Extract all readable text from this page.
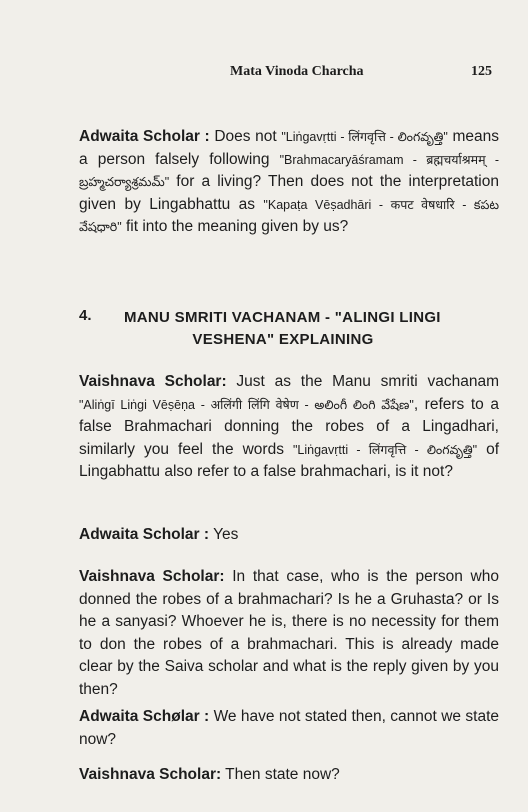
Mata Vinoda Charcha	125
Adwaita Scholar : Does not "Liṅgavṛtti - लिंगवृत्ति - లింగవృత్తి" means a person falsely following "Brahmacaryāśramam - ब्रह्मचर्याश्रमम् - బ్రహ్మచర్యాశ్రమమ్" for a living? Then does not the interpretation given by Lingabhattu as "Kapaṭa Vēṣadhāri - कपट वेषधारि - కపట వేషధారి" fit into the meaning given by us?
4. MANU SMRITI VACHANAM - "ALINGI LINGI
VESHENA" EXPLAINING
Vaishnava Scholar: Just as the Manu smriti vachanam "Aliṅgī Liṅgi Vēṣēṇa - अलिंगी लिंगि वेषेण - అలింగీ లింగి వేషేణ", refers to a false Brahmachari donning the robes of a Lingadhari, similarly you feel the words "Liṅgavṛtti - लिंगवृत्ति - లింగవృత్తి" of Lingabhattu also refer to a false brahmachari, is it not?
Adwaita Scholar : Yes
Vaishnava Scholar: In that case, who is the person who donned the robes of a brahmachari? Is he a Gruhasta? or Is he a sanyasi? Whoever he is, there is no necessity for them to don the robes of a brahmachari. This is already made clear by the Saiva scholar and what is the reply given by you then?
Adwaita Schølar : We have not stated then, cannot we state now?
Vaishnava Scholar: Then state now?
